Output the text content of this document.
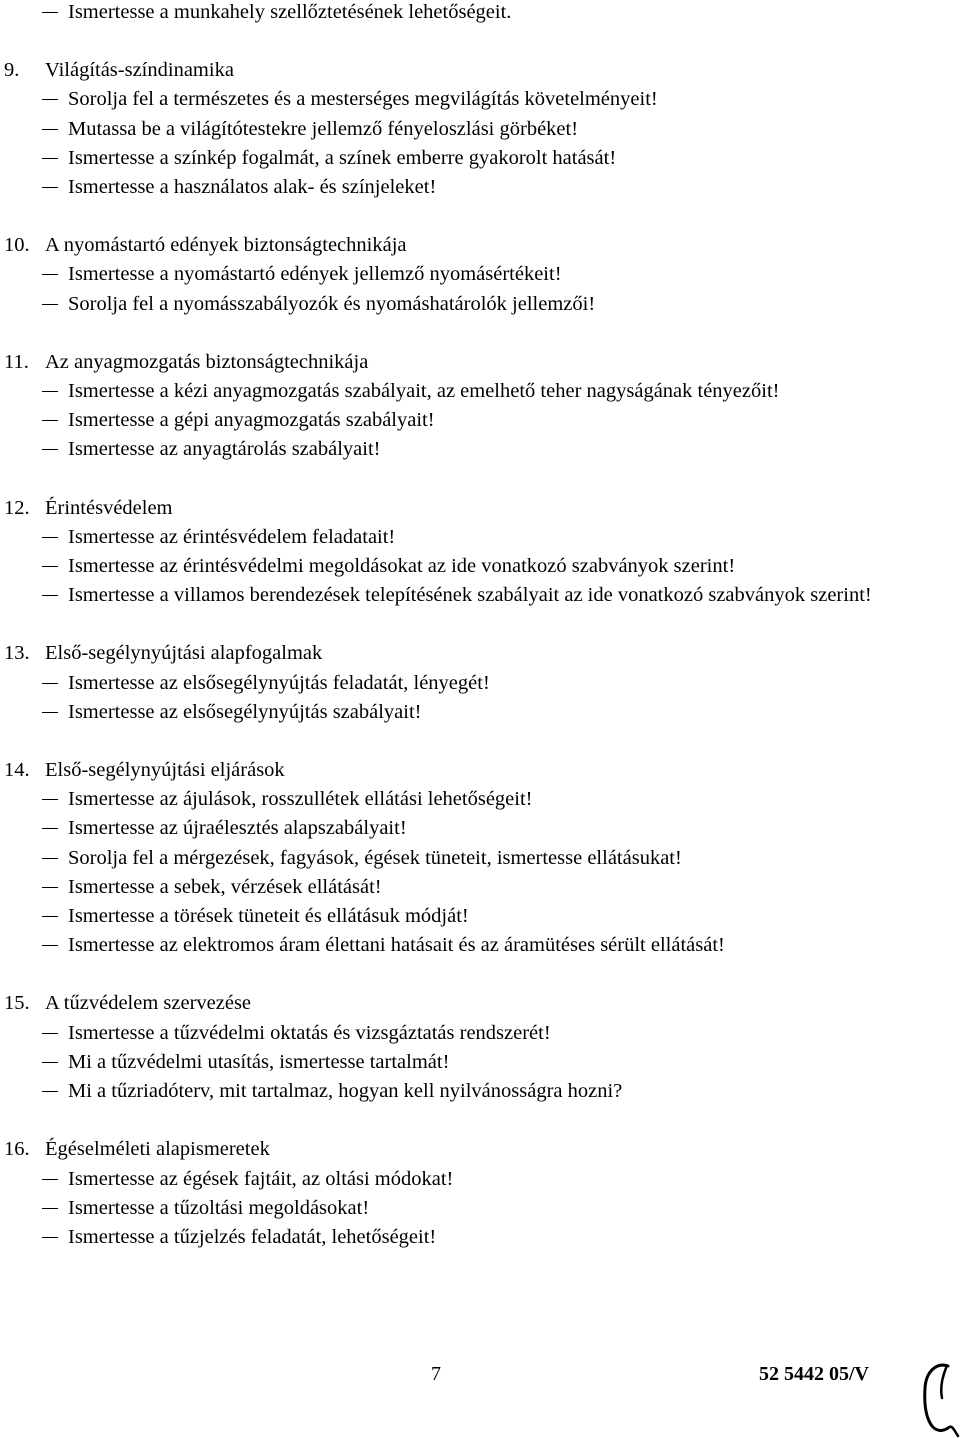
Ismertesse a munkahely szellőztetésének lehetőségeit.
9.	Világítás-színdinamika
Sorolja fel a természetes és a mesterséges megvilágítás követelményeit!
Mutassa be a világítótestekre jellemző fényeloszlási görbéket!
Ismertesse a színkép fogalmát, a színek emberre gyakorolt hatását!
Ismertesse a használatos alak- és színjeleket!
10. A nyomástartó edények biztonságtechnikája
Ismertesse a nyomástartó edények jellemző nyomásértékeit!
Sorolja fel a nyomásszabályozók és nyomáshatárolók jellemzői!
11. Az anyagmozgatás biztonságtechnikája
Ismertesse a kézi anyagmozgatás szabályait, az emelhető teher nagyságának tényezőit!
Ismertesse a gépi anyagmozgatás szabályait!
Ismertesse az anyagtárolás szabályait!
12. Érintésvédelem
Ismertesse az érintésvédelem feladatait!
Ismertesse az érintésvédelmi megoldásokat az ide vonatkozó szabványok szerint!
Ismertesse a villamos berendezések telepítésének szabályait az ide vonatkozó szabványok szerint!
13. Első-segélynyújtási alapfogalmak
Ismertesse az elsősegélynyújtás feladatát, lényegét!
Ismertesse az elsősegélynyújtás szabályait!
14. Első-segélynyújtási eljárások
Ismertesse az ájulások, rosszullétek ellátási lehetőségeit!
Ismertesse az újraélesztés alapszabályait!
Sorolja fel a mérgezések, fagyások, égések tüneteit, ismertesse ellátásukat!
Ismertesse a sebek, vérzések ellátását!
Ismertesse a törések tüneteit és ellátásuk módját!
Ismertesse az elektromos áram élettani hatásait és az áramütéses sérült ellátását!
15. A tűzvédelem szervezése
Ismertesse a tűzvédelmi oktatás és vizsgáztatás rendszerét!
Mi a tűzvédelmi utasítás, ismertesse tartalmát!
Mi a tűzriadóterv, mit tartalmaz, hogyan kell nyilvánosságra hozni?
16. Égéselméleti alapismeretek
Ismertesse az égések fajtáit, az oltási módokat!
Ismertesse a tűzoltási megoldásokat!
Ismertesse a tűzjelzés feladatát, lehetőségeit!
7	52 5442 05/V
